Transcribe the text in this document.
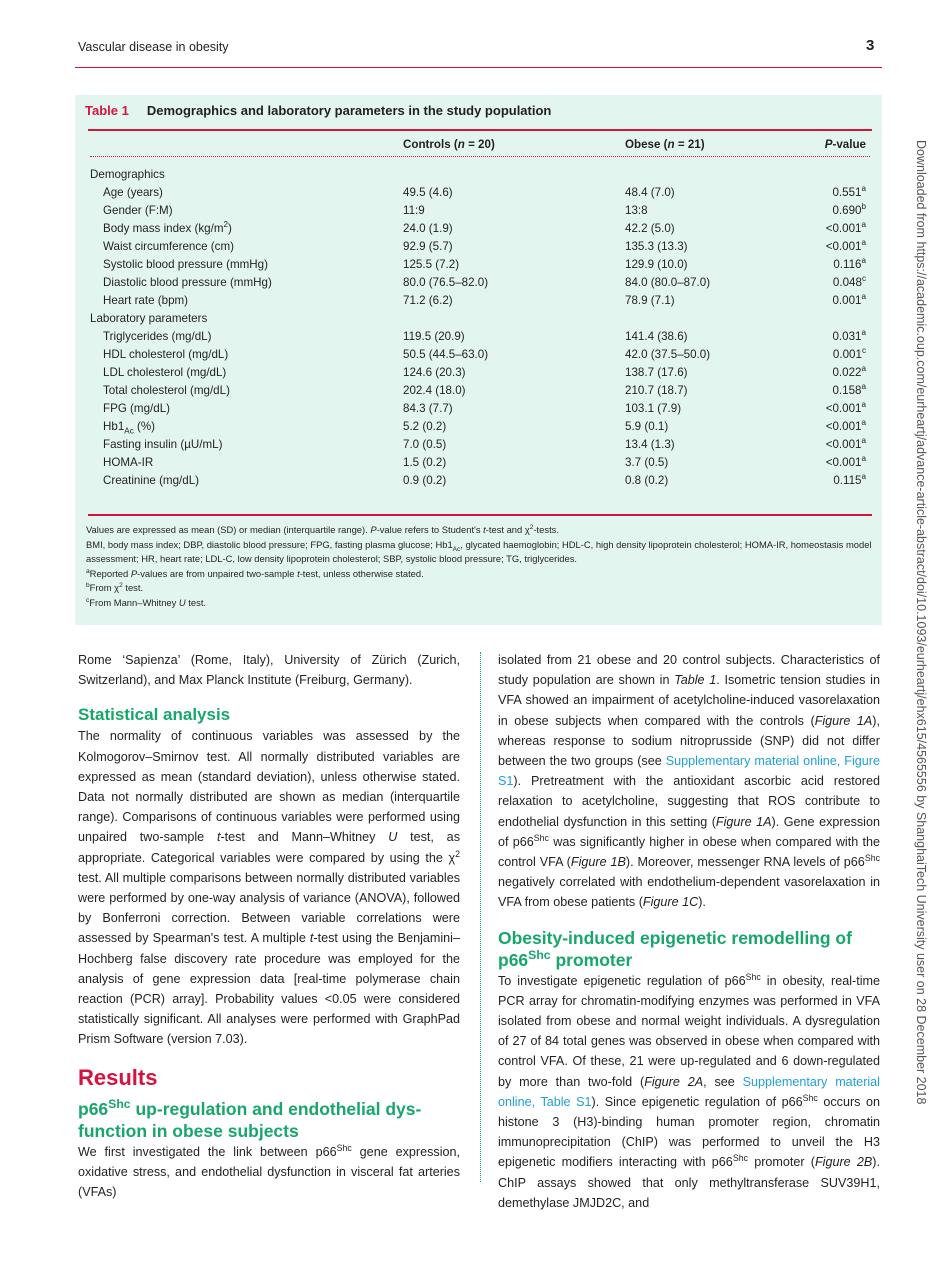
Vascular disease in obesity	3
Downloaded from https://academic.oup.com/eurheartj/advance-article-abstract/doi/10.1093/eurheartj/ehx615/4565556 by ShanghaiTech University user on 28 December 2018
Table 1 Demographics and laboratory parameters in the study population
	Controls (n = 20)	Obese (n = 21)	P-value

Demographics			
Age (years)	49.5 (4.6)	48.4 (7.0)	0.551$^a$
Gender (F:M)	11:9	13:8	0.690$^b$
Body mass index $(kg/m^2)$	24.0 (1.9)	42.2 (5.0)	<0.001$^a$
Waist circumference (cm)	92.9 (5.7)	135.3 (13.3)	<0.001$^a$
Systolic blood pressure (mmHg)	125.5 (7.2)	129.9 (10.0)	0.116$^a$
Diastolic blood pressure (mmHg)	80.0 (76.5–82.0)	84.0 (80.0–87.0)	0.048$^c$
Heart rate (bpm)	71.2 (6.2)	78.9 (7.1)	0.001$^a$
Laboratory parameters			
Triglycerides (mg/dL)	119.5 (20.9)	141.4 (38.6)	0.031$^a$
HDL cholesterol (mg/dL)	50.5 (44.5–63.0)	42.0 (37.5–50.0)	0.001$^c$
LDL cholesterol (mg/dL)	124.6 (20.3)	138.7 (17.6)	0.022$^a$
Total cholesterol (mg/dL)	202.4 (18.0)	210.7 (18.7)	0.158$^a$
FPG (mg/dL)	84.3 (7.7)	103.1 (7.9)	<0.001$^a$
$Hb1_{Ac}$ (%)	5.2 (0.2)	5.9 (0.1)	<0.001$^a$
Fasting insulin (µU/mL)	7.0 (0.5)	13.4 (1.3)	<0.001$^a$
HOMA-IR	1.5 (0.2)	3.7 (0.5)	<0.001$^a$
Creatinine (mg/dL)	0.9 (0.2)	0.8 (0.2)	0.115$^a$
Values are expressed as mean (SD) or median (interquartile range). P-value refers to Student's t-test and $\chi^2$-tests.
BMI, body mass index; DBP, diastolic blood pressure; FPG, fasting plasma glucose; $Hb1_{Ac}$, glycated haemoglobin; HDL-C, high density lipoprotein cholesterol; HOMA-IR, homeostasis model assessment; HR, heart rate; LDL-C, low density lipoprotein cholesterol; SBP, systolic blood pressure; TG, triglycerides.
$^a$Reported P-values are from unpaired two-sample t-test, unless otherwise stated.
$^b$From $\chi^2$ test.
$^c$From Mann–Whitney U test.
Rome ‘Sapienza’ (Rome, Italy), University of Zürich (Zurich, Switzerland), and Max Planck Institute (Freiburg, Germany).
Statistical analysis
The normality of continuous variables was assessed by the Kolmogorov–Smirnov test. All normally distributed variables are expressed as mean (standard deviation), unless otherwise stated. Data not normally distributed are shown as median (interquartile range). Comparisons of continuous variables were performed using unpaired two-sample t-test and Mann–Whitney U test, as appropriate. Categorical variables were compared by using the $\chi^2$ test. All multiple comparisons between normally distributed variables were performed by one-way analysis of variance (ANOVA), followed by Bonferroni correction. Between variable correlations were assessed by Spearman's test. A multiple t-test using the Benjamini–Hochberg false discovery rate procedure was employed for the analysis of gene expression data [real-time polymerase chain reaction (PCR) array]. Probability values <0.05 were considered statistically significant. All analyses were performed with GraphPad Prism Software (version 7.03).
Results
$p66^{Shc}$ up-regulation and endothelial dys-function in obese subjects
We first investigated the link between $p66^{Shc}$ gene expression, oxidative stress, and endothelial dysfunction in visceral fat arteries (VFAs)
isolated from 21 obese and 20 control subjects. Characteristics of study population are shown in Table 1. Isometric tension studies in VFA showed an impairment of acetylcholine-induced vasorelaxation in obese subjects when compared with the controls (Figure 1A), whereas response to sodium nitroprusside (SNP) did not differ between the two groups (see Supplementary material online, Figure S1). Pretreatment with the antioxidant ascorbic acid restored relaxation to acetylcholine, suggesting that ROS contribute to endothelial dysfunction in this setting (Figure 1A). Gene expression of $p66^{Shc}$ was significantly higher in obese when compared with the control VFA (Figure 1B). Moreover, messenger RNA levels of $p66^{Shc}$ negatively correlated with endothelium-dependent vasorelaxation in VFA from obese patients (Figure 1C).
Obesity-induced epigenetic remodelling of $p66^{Shc}$ promoter
To investigate epigenetic regulation of $p66^{Shc}$ in obesity, real-time PCR array for chromatin-modifying enzymes was performed in VFA isolated from obese and normal weight individuals. A dysregulation of 27 of 84 total genes was observed in obese when compared with control VFA. Of these, 21 were up-regulated and 6 down-regulated by more than two-fold (Figure 2A, see Supplementary material online, Table S1). Since epigenetic regulation of $p66^{Shc}$ occurs on histone 3 (H3)-binding human promoter region, chromatin immunoprecipitation (ChIP) was performed to unveil the H3 epigenetic modifiers interacting with $p66^{Shc}$ promoter (Figure 2B). ChIP assays showed that only methyltransferase SUV39H1, demethylase JMJD2C, and
